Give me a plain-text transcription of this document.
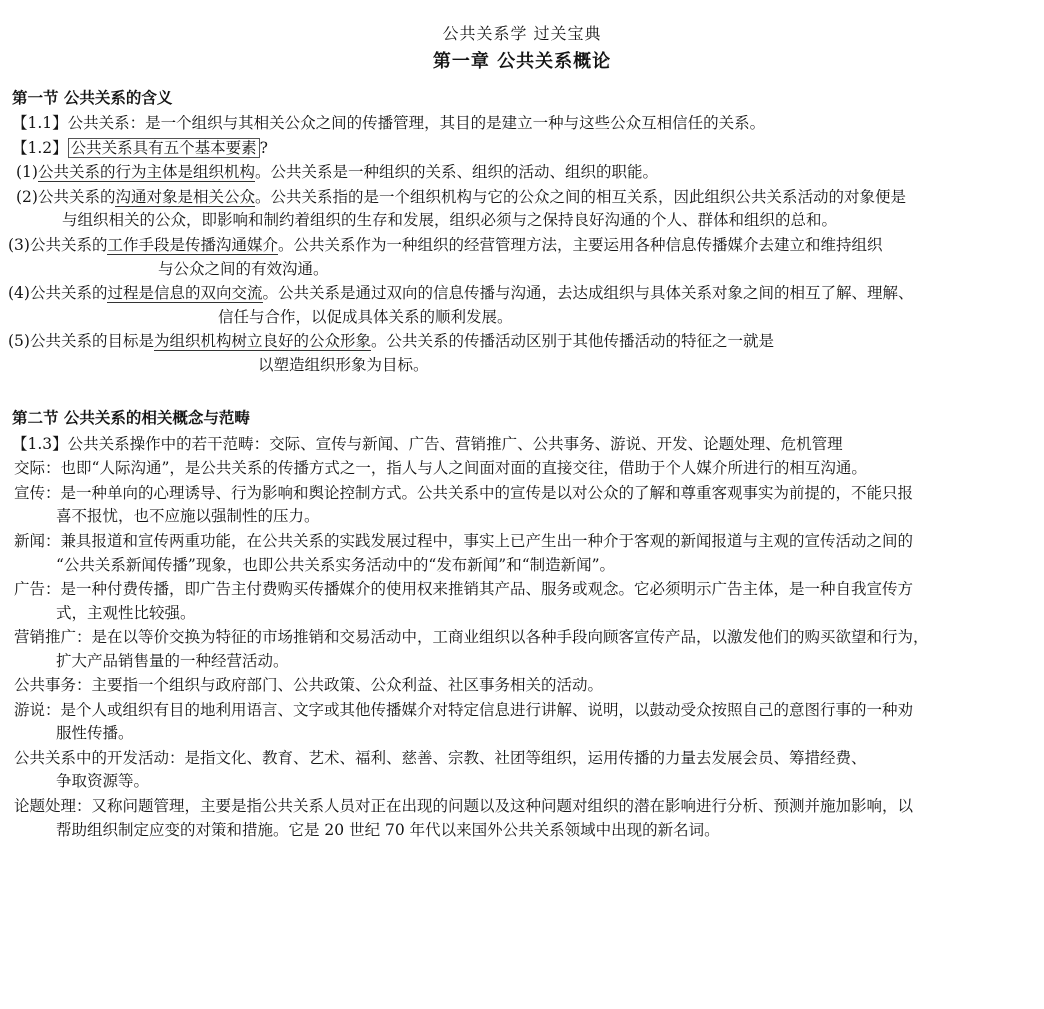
公共关系学 过关宝典
第一章 公共关系概论
第一节 公共关系的含义
【1.1】公共关系：是一个组织与其相关公众之间的传播管理，其目的是建立一种与这些公众互相信任的关系。
【1.2】 公共关系具有五个基本要素 ?
(1)公共关系的行为主体是组织机构。公共关系是一种组织的关系、组织的活动、组织的职能。
(2)公共关系的沟通对象是相关公众。公共关系指的是一个组织机构与它的公众之间的相互关系，因此组织公共关系活动的对象便是
与组织相关的公众，即影响和制约着组织的生存和发展，组织必须与之保持良好沟通的个人、群体和组织的总和。
(3)公共关系的工作手段是传播沟通媒介。公共关系作为一种组织的经营管理方法，主要运用各种信息传播媒介去建立和维持组织
与公众之间的有效沟通。
(4)公共关系的过程是信息的双向交流。公共关系是通过双向的信息传播与沟通，去达成组织与具体关系对象之间的相互了解、理解、
信任与合作，以促成具体关系的顺利发展。
(5)公共关系的目标是为组织机构树立良好的公众形象。公共关系的传播活动区别于其他传播活动的特征之一就是
以塑造组织形象为目标。
第二节 公共关系的相关概念与范畴
【1.3】公共关系操作中的若干范畴：交际、宣传与新闻、广告、营销推广、公共事务、游说、开发、论题处理、危机管理
交际：也即“人际沟通”，是公共关系的传播方式之一，指人与人之间面对面的直接交往，借助于个人媒介所进行的相互沟通。
宣传：是一种单向的心理诱导、行为影响和舆论控制方式。公共关系中的宣传是以对公众的了解和尊重客观事实为前提的，不能只报
喜不报忧，也不应施以强制性的压力。
新闻：兼具报道和宣传两重功能，在公共关系的实践发展过程中，事实上已产生出一种介于客观的新闻报道与主观的宣传活动之间的
“公共关系新闻传播”现象，也即公共关系实务活动中的“发布新闻”和“制造新闻”。
广告：是一种付费传播，即广告主付费购买传播媒介的使用权来推销其产品、服务或观念。它必须明示广告主体，是一种自我宣传方
式，主观性比较强。
营销推广：是在以等价交换为特征的市场推销和交易活动中，工商业组织以各种手段向顾客宣传产品，以激发他们的购买欲望和行为，
扩大产品销售量的一种经营活动。
公共事务：主要指一个组织与政府部门、公共政策、公众利益、社区事务相关的活动。
游说：是个人或组织有目的地利用语言、文字或其他传播媒介对特定信息进行讲解、说明，以鼓动受众按照自己的意图行事的一种劝
服性传播。
公共关系中的开发活动：是指文化、教育、艺术、福利、慈善、宗教、社团等组织，运用传播的力量去发展会员、筹措经费、
争取资源等。
论题处理：又称问题管理，主要是指公共关系人员对正在出现的问题以及这种问题对组织的潜在影响进行分析、预测并施加影响，以
帮助组织制定应变的对策和措施。它是 20 世纪 70 年代以来国外公共关系领域中出现的新名词。
